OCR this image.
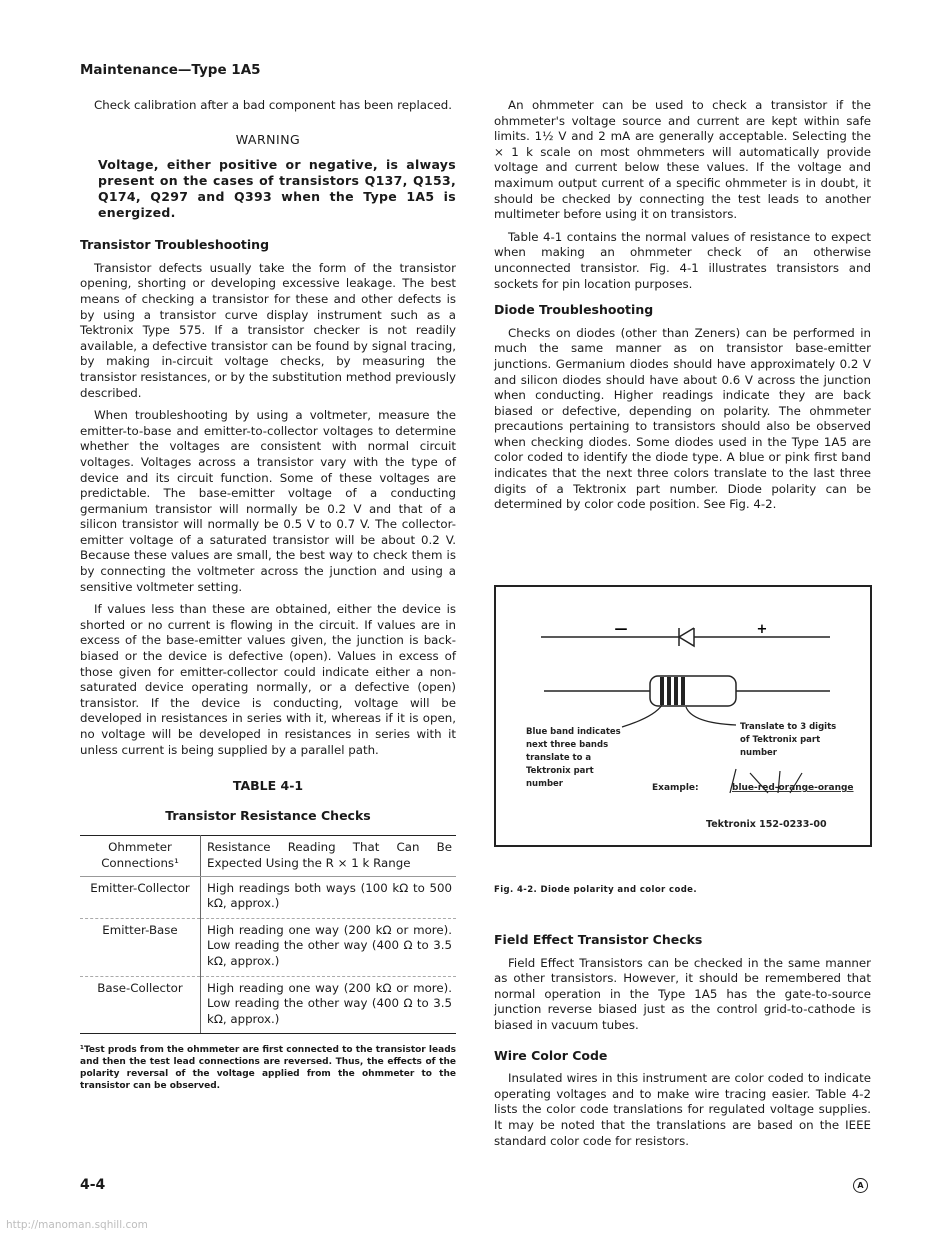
Maintenance—Type 1A5

Check calibration after a bad component has been replaced.

WARNING
Voltage, either positive or negative, is always present on the cases of transistors Q137, Q153, Q174, Q297 and Q393 when the Type 1A5 is energized.
Transistor Troubleshooting

Transistor defects usually take the form of the transistor opening, shorting or developing excessive leakage. The best means of checking a transistor for these and other defects is by using a transistor curve display instrument such as a Tektronix Type 575. If a transistor checker is not readily available, a defective transistor can be found by signal tracing, by making in-circuit voltage checks, by measuring the transistor resistances, or by the substitution method previously described.

When troubleshooting by using a voltmeter, measure the emitter-to-base and emitter-to-collector voltages to determine whether the voltages are consistent with normal circuit voltages. Voltages across a transistor vary with the type of device and its circuit function. Some of these voltages are predictable. The base-emitter voltage of a conducting germanium transistor will normally be 0.2 V and that of a silicon transistor will normally be 0.5 V to 0.7 V. The collector-emitter voltage of a saturated transistor will be about 0.2 V. Because these values are small, the best way to check them is by connecting the voltmeter across the junction and using a sensitive voltmeter setting.

If values less than these are obtained, either the device is shorted or no current is flowing in the circuit. If values are in excess of the base-emitter values given, the junction is back-biased or the device is defective (open). Values in excess of those given for emitter-collector could indicate either a non-saturated device operating normally, or a defective (open) transistor. If the device is conducting, voltage will be developed in resistances in series with it, whereas if it is open, no voltage will be developed in resistances in series with it unless current is being supplied by a parallel path.

TABLE 4-1
Transistor Resistance Checks
Ohmmeter Connections¹	Resistance Reading That Can Be Expected Using the R × 1 k Range
Emitter-Collector	High readings both ways (100 kΩ to 500 kΩ, approx.)
Emitter-Base	High reading one way (200 kΩ or more). Low reading the other way (400 Ω to 3.5 kΩ, approx.)
Base-Collector	High reading one way (200 kΩ or more). Low reading the other way (400 Ω to 3.5 kΩ, approx.)
¹Test prods from the ohmmeter are first connected to the transistor leads and then the test lead connections are reversed. Thus, the effects of the polarity reversal of the voltage applied from the ohmmeter to the transistor can be observed.

An ohmmeter can be used to check a transistor if the ohmmeter's voltage source and current are kept within safe limits. 1½ V and 2 mA are generally acceptable. Selecting the × 1 k scale on most ohmmeters will automatically provide voltage and current below these values. If the voltage and maximum output current of a specific ohmmeter is in doubt, it should be checked by connecting the test leads to another multimeter before using it on transistors.

Table 4-1 contains the normal values of resistance to expect when making an ohmmeter check of an otherwise unconnected transistor. Fig. 4-1 illustrates transistors and sockets for pin location purposes.

Diode Troubleshooting

Checks on diodes (other than Zeners) can be performed in much the same manner as on transistor base-emitter junctions. Germanium diodes should have approximately 0.2 V and silicon diodes should have about 0.6 V across the junction when conducting. Higher readings indicate they are back biased or defective, depending on polarity. The ohmmeter precautions pertaining to transistors should also be observed when checking diodes. Some diodes used in the Type 1A5 are color coded to identify the diode type. A blue or pink first band indicates that the next three colors translate to the last three digits of a Tektronix part number. Diode polarity can be determined by color code position. See Fig. 4-2.

—	+
Blue band indicates
next three bands
translate to a
Tektronix part
number
Translate to 3 digits
of Tektronix part
number
Example:	blue-red-orange-orange
Tektronix 152-0233-00
Fig. 4-2. Diode polarity and color code.
Field Effect Transistor Checks

Field Effect Transistors can be checked in the same manner as other transistors. However, it should be remembered that normal operation in the Type 1A5 has the gate-to-source junction reverse biased just as the control grid-to-cathode is biased in vacuum tubes.

Wire Color Code

Insulated wires in this instrument are color coded to indicate operating voltages and to make wire tracing easier. Table 4-2 lists the color code translations for regulated voltage supplies. It may be noted that the translations are based on the IEEE standard color code for resistors.

4-4	A
http://manoman.sqhill.com
